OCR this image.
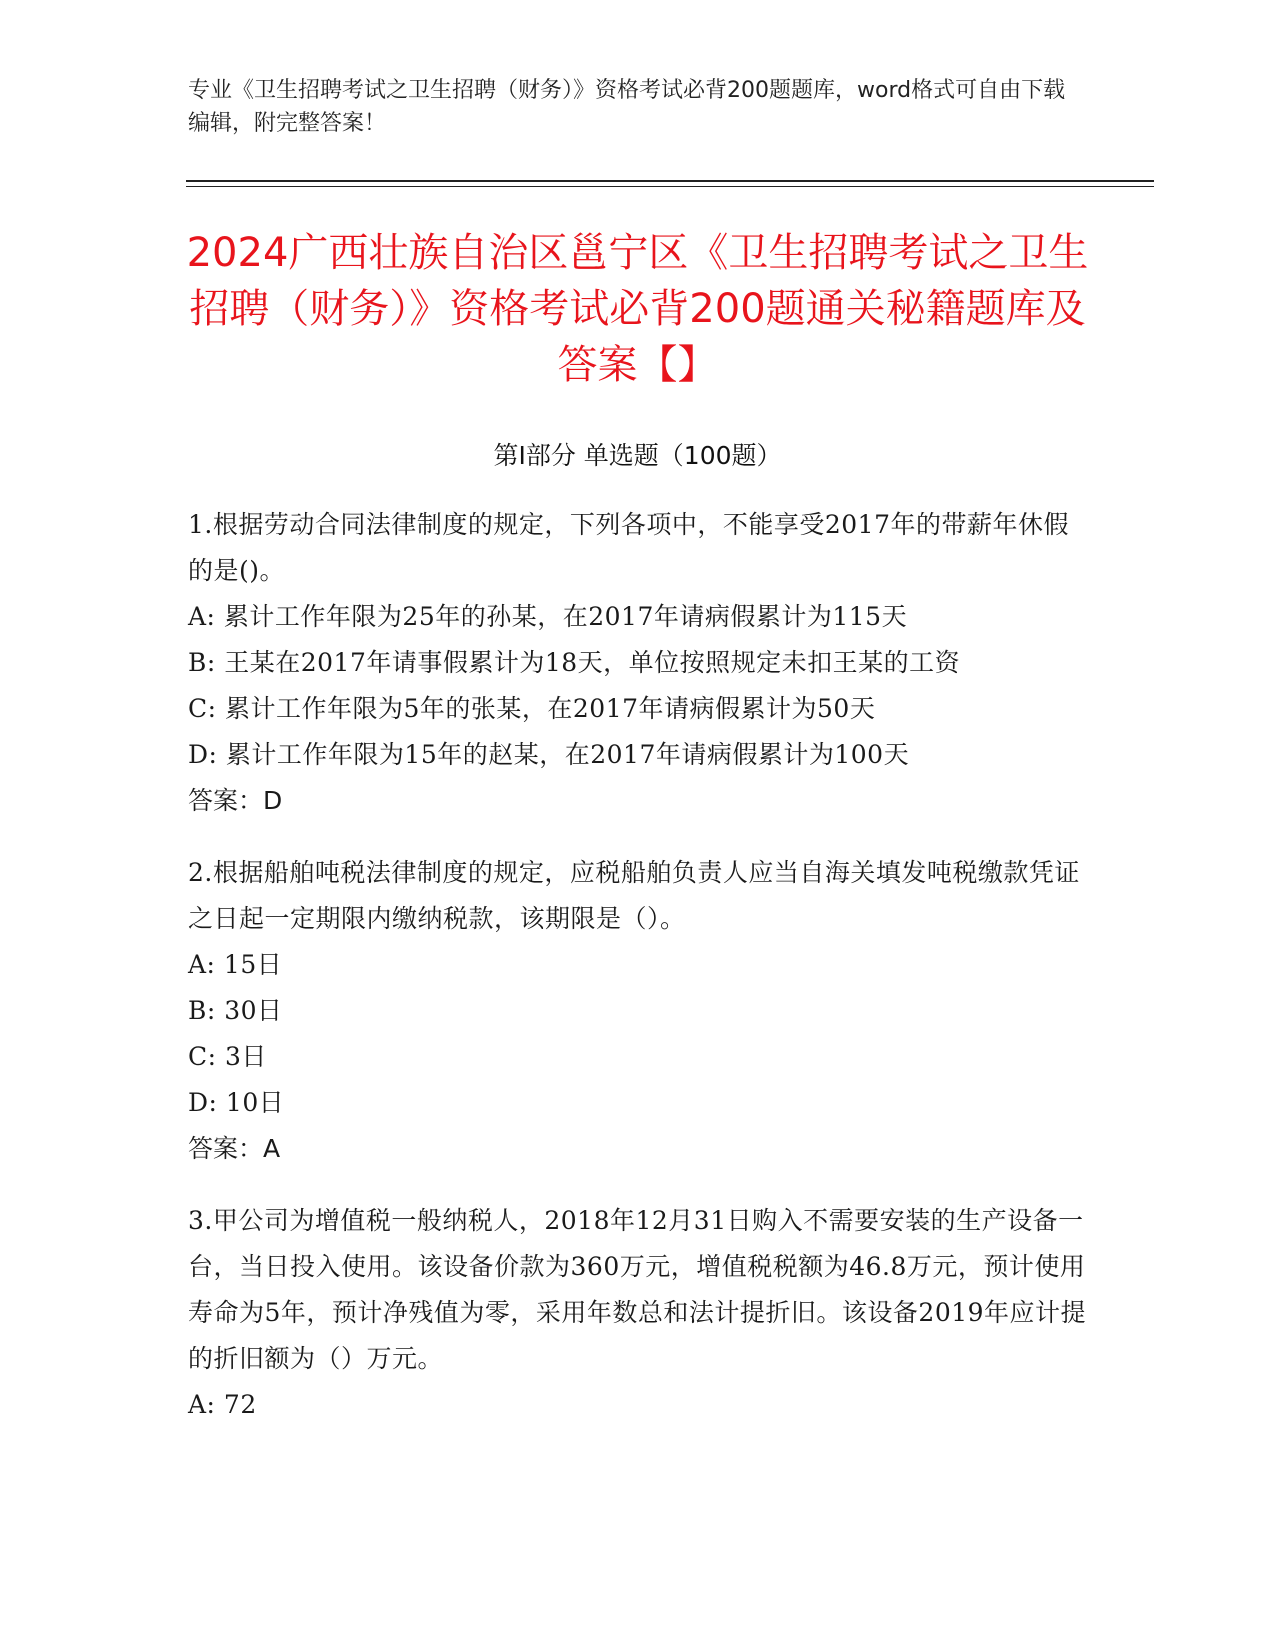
专业《卫生招聘考试之卫生招聘（财务）》资格考试必背200题题库，word格式可自由下载编辑，附完整答案！
2024广西壮族自治区邕宁区《卫生招聘考试之卫生招聘（财务）》资格考试必背200题通关秘籍题库及答案【】
第Ⅰ部分 单选题（100题）
1.根据劳动合同法律制度的规定，下列各项中，不能享受2017年的带薪年休假的是()。
A: 累计工作年限为25年的孙某，在2017年请病假累计为115天
B: 王某在2017年请事假累计为18天，单位按照规定未扣王某的工资
C: 累计工作年限为5年的张某，在2017年请病假累计为50天
D: 累计工作年限为15年的赵某，在2017年请病假累计为100天
答案：D
2.根据船舶吨税法律制度的规定，应税船舶负责人应当自海关填发吨税缴款凭证之日起一定期限内缴纳税款，该期限是（）。
A: 15日
B: 30日
C: 3日
D: 10日
答案：A
3.甲公司为增值税一般纳税人，2018年12月31日购入不需要安装的生产设备一台，当日投入使用。该设备价款为360万元，增值税税额为46.8万元，预计使用寿命为5年，预计净残值为零，采用年数总和法计提折旧。该设备2019年应计提的折旧额为（）万元。
A: 72
